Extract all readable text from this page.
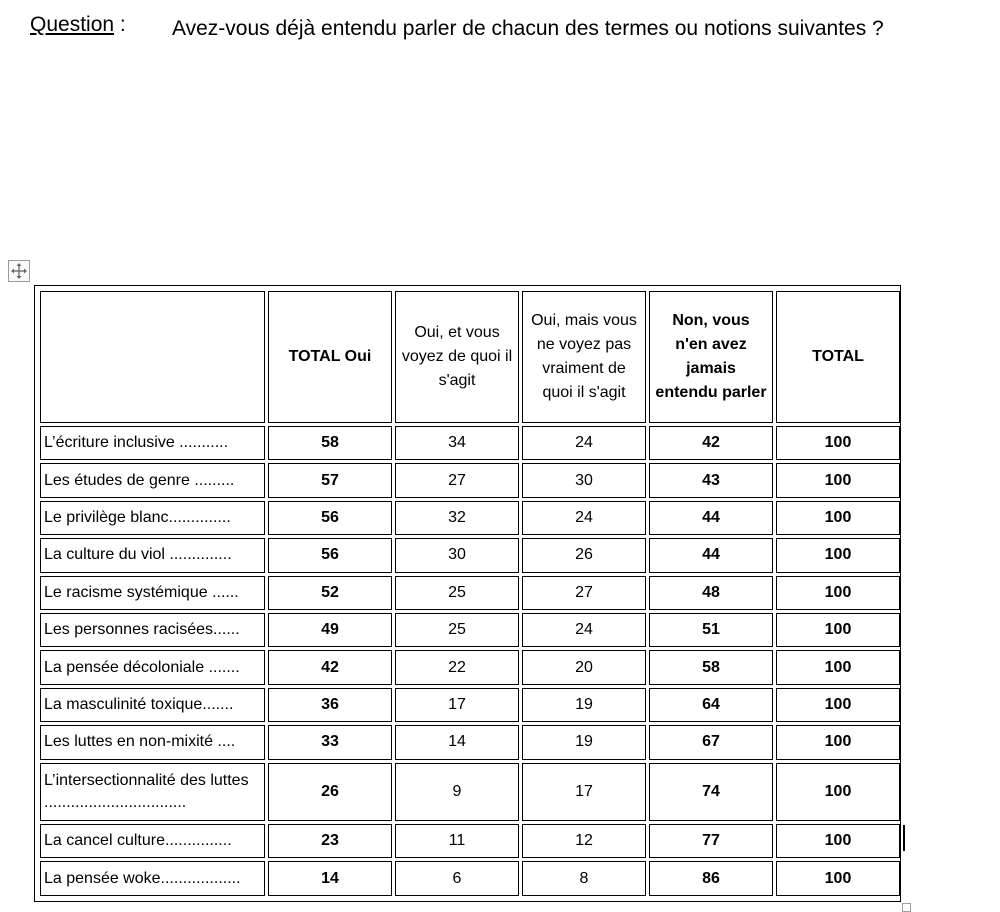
Question : Avez-vous déjà entendu parler de chacun des termes ou notions suivantes ?
	TOTAL Oui	Oui, et vous voyez de quoi il s'agit	Oui, mais vous ne voyez pas vraiment de quoi il s'agit	Non, vous n'en avez jamais entendu parler	TOTAL
L’écriture inclusive ...........	58	34	24	42	100
Les études de genre .........	57	27	30	43	100
Le privilège blanc..............	56	32	24	44	100
La culture du viol ..............	56	30	26	44	100
Le racisme systémique ......	52	25	27	48	100
Les personnes racisées......	49	25	24	51	100
La pensée décoloniale .......	42	22	20	58	100
La masculinité toxique.......	36	17	19	64	100
Les luttes en non-mixité ....	33	14	19	67	100
L’intersectionnalité des luttes ................................	26	9	17	74	100
La cancel culture...............	23	11	12	77	100
La pensée woke..................	14	6	8	86	100
